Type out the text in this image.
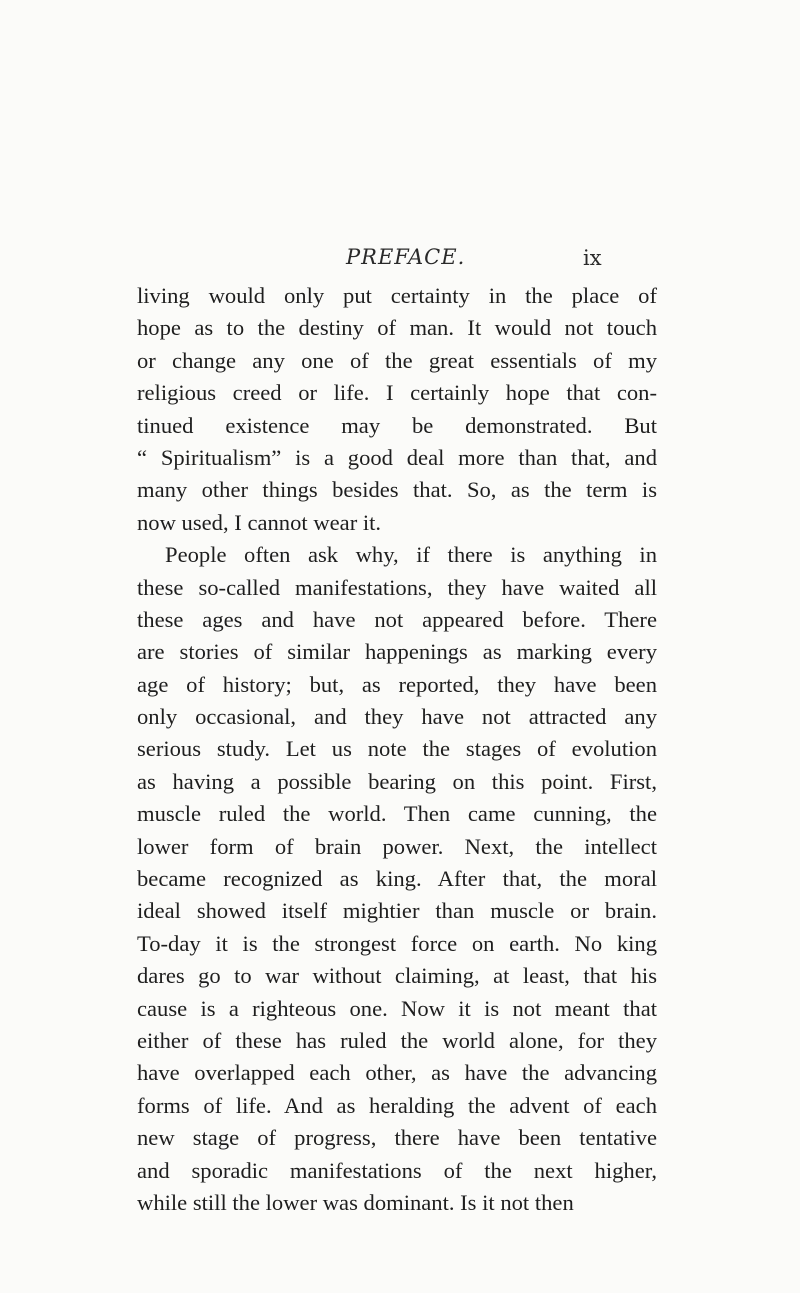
PREFACE.	ix
living would only put certainty in the place of
hope as to the destiny of man. It would not touch
or change any one of the great essentials of my
religious creed or life. I certainly hope that con-
tinued existence may be demonstrated. But
“ Spiritualism” is a good deal more than that, and
many other things besides that. So, as the term is
now used, I cannot wear it.
People often ask why, if there is anything in
these so-called manifestations, they have waited all
these ages and have not appeared before. There
are stories of similar happenings as marking every
age of history; but, as reported, they have been
only occasional, and they have not attracted any
serious study. Let us note the stages of evolution
as having a possible bearing on this point. First,
muscle ruled the world. Then came cunning, the
lower form of brain power. Next, the intellect
became recognized as king. After that, the moral
ideal showed itself mightier than muscle or brain.
To-day it is the strongest force on earth. No king
dares go to war without claiming, at least, that his
cause is a righteous one. Now it is not meant that
either of these has ruled the world alone, for they
have overlapped each other, as have the advancing
forms of life. And as heralding the advent of each
new stage of progress, there have been tentative
and sporadic manifestations of the next higher,
while still the lower was dominant. Is it not then
